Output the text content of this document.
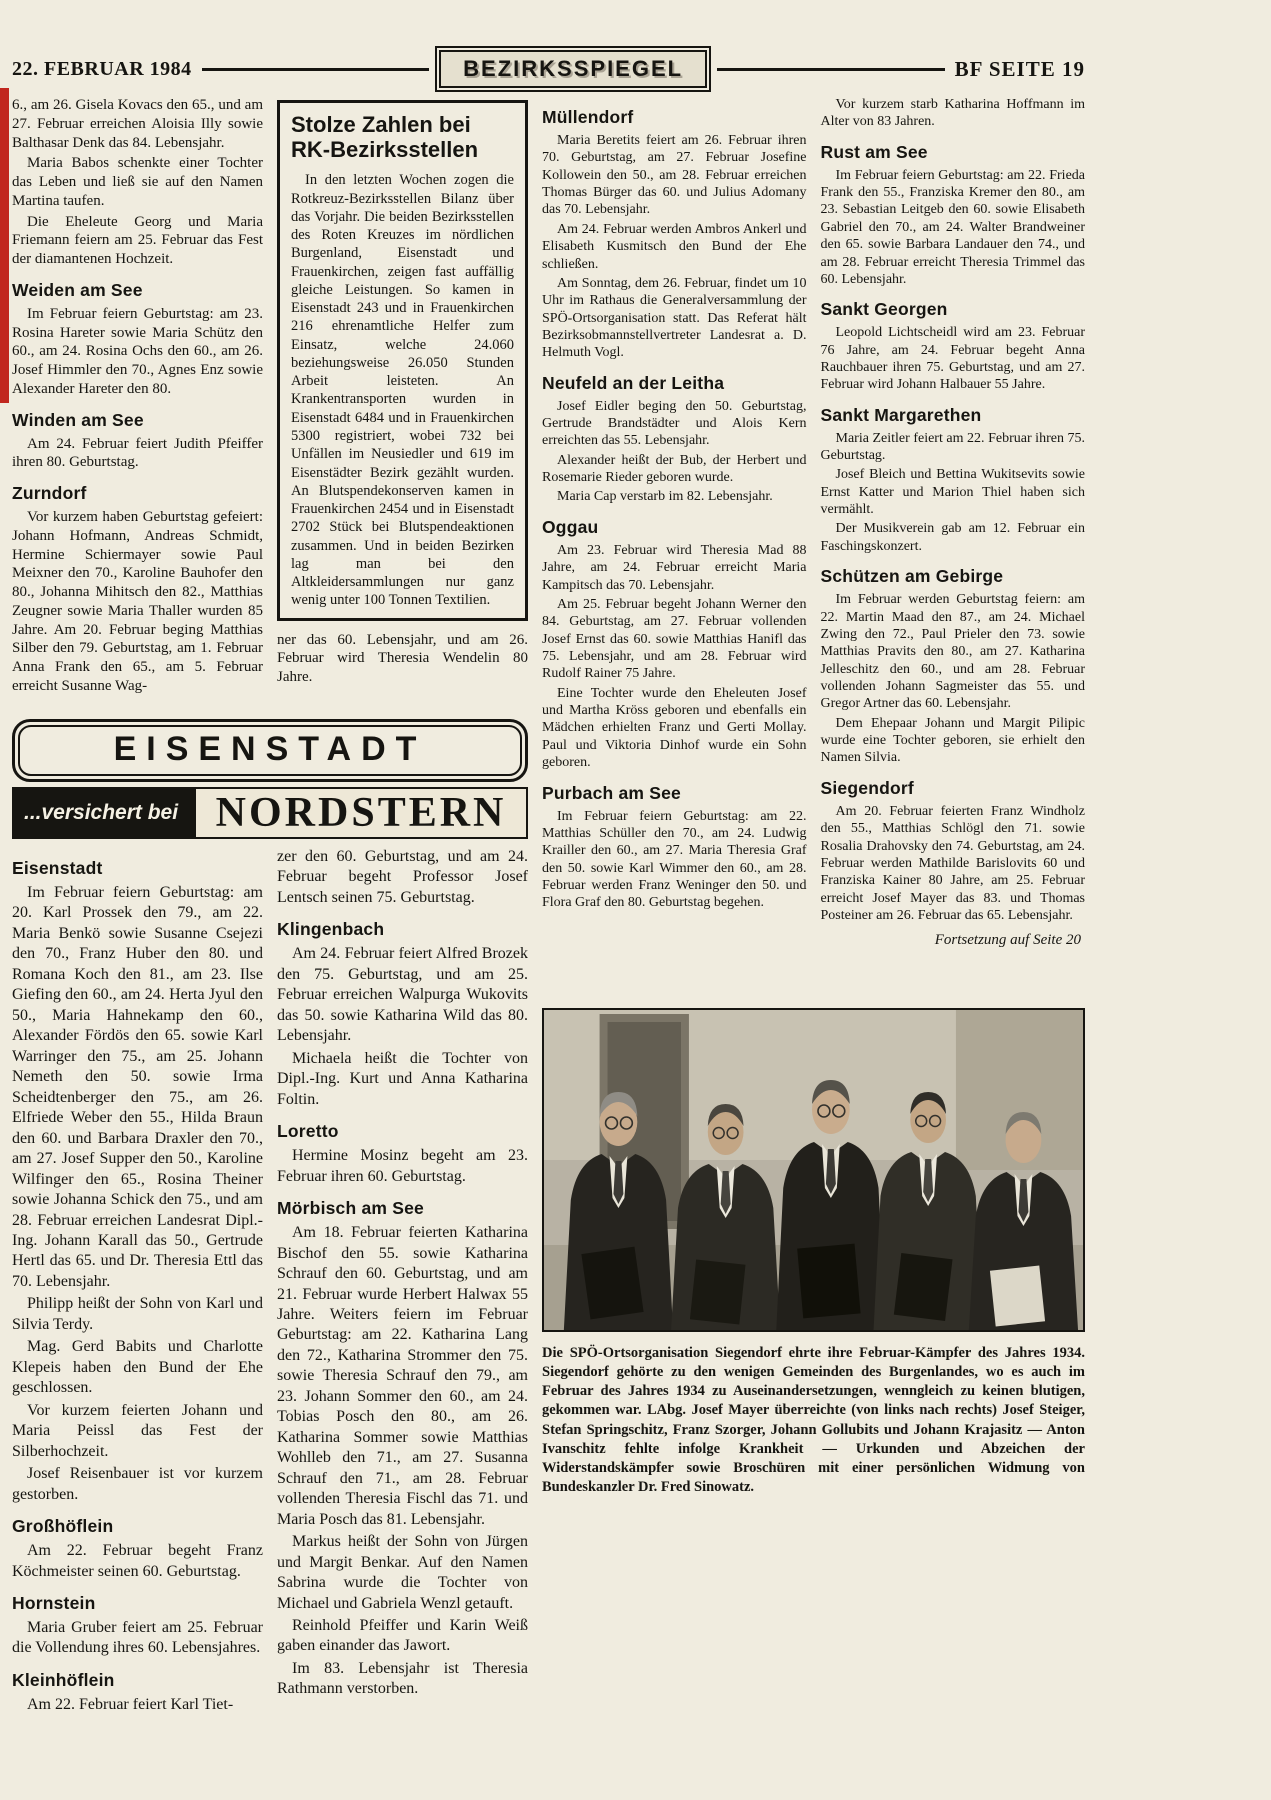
22. FEBRUAR 1984	BEZIRKSSPIEGEL	BF SEITE 19

6., am 26. Gisela Kovacs den 65., und am 27. Februar erreichen Aloisia Illy sowie Balthasar Denk das 84. Lebensjahr.

Maria Babos schenkte einer Tochter das Leben und ließ sie auf den Namen Martina taufen.

Die Eheleute Georg und Maria Friemann feiern am 25. Februar das Fest der diamantenen Hochzeit.

Weiden am See

Im Februar feiern Geburtstag: am 23. Rosina Hareter sowie Maria Schütz den 60., am 24. Rosina Ochs den 60., am 26. Josef Himmler den 70., Agnes Enz sowie Alexander Hareter den 80.

Winden am See

Am 24. Februar feiert Judith Pfeiffer ihren 80. Geburtstag.

Zurndorf

Vor kurzem haben Geburtstag gefeiert: Johann Hofmann, Andreas Schmidt, Hermine Schiermayer sowie Paul Meixner den 70., Karoline Bauhofer den 80., Johanna Mihitsch den 82., Matthias Zeugner sowie Maria Thaller wurden 85 Jahre. Am 20. Februar beging Matthias Silber den 79. Geburtstag, am 1. Februar Anna Frank den 65., am 5. Februar erreicht Susanne Wag-

Stolze Zahlen bei
RK-Bezirksstellen

In den letzten Wochen zogen die Rotkreuz-Bezirksstellen Bilanz über das Vorjahr. Die beiden Bezirksstellen des Roten Kreuzes im nördlichen Burgenland, Eisenstadt und Frauenkirchen, zeigen fast auffällig gleiche Leistungen. So kamen in Eisenstadt 243 und in Frauenkirchen 216 ehrenamtliche Helfer zum Einsatz, welche 24.060 beziehungsweise 26.050 Stunden Arbeit leisteten. An Krankentransporten wurden in Eisenstadt 6484 und in Frauenkirchen 5300 registriert, wobei 732 bei Unfällen im Neusiedler und 619 im Eisenstädter Bezirk gezählt wurden. An Blutspendekonserven kamen in Frauenkirchen 2454 und in Eisenstadt 2702 Stück bei Blutspendeaktionen zusammen. Und in beiden Bezirken lag man bei den Altkleidersammlungen nur ganz wenig unter 100 Tonnen Textilien.

ner das 60. Lebensjahr, und am 26. Februar wird Theresia Wendelin 80 Jahre.

EISENSTADT
...versichert bei NORDSTERN
Eisenstadt

Im Februar feiern Geburtstag: am 20. Karl Prossek den 79., am 22. Maria Benkö sowie Susanne Csejezi den 70., Franz Huber den 80. und Romana Koch den 81., am 23. Ilse Giefing den 60., am 24. Herta Jyul den 50., Maria Hahnekamp den 60., Alexander Fördös den 65. sowie Karl Warringer den 75., am 25. Johann Nemeth den 50. sowie Irma Scheidtenberger den 75., am 26. Elfriede Weber den 55., Hilda Braun den 60. und Barbara Draxler den 70., am 27. Josef Supper den 50., Karoline Wilfinger den 65., Rosina Theiner sowie Johanna Schick den 75., und am 28. Februar erreichen Landesrat Dipl.-Ing. Johann Karall das 50., Gertrude Hertl das 65. und Dr. Theresia Ettl das 70. Lebensjahr.

Philipp heißt der Sohn von Karl und Silvia Terdy.

Mag. Gerd Babits und Charlotte Klepeis haben den Bund der Ehe geschlossen.

Vor kurzem feierten Johann und Maria Peissl das Fest der Silberhochzeit.

Josef Reisenbauer ist vor kurzem gestorben.

Großhöflein

Am 22. Februar begeht Franz Köchmeister seinen 60. Geburtstag.

Hornstein

Maria Gruber feiert am 25. Februar die Vollendung ihres 60. Lebensjahres.

Kleinhöflein

Am 22. Februar feiert Karl Tiet-

zer den 60. Geburtstag, und am 24. Februar begeht Professor Josef Lentsch seinen 75. Geburtstag.

Klingenbach

Am 24. Februar feiert Alfred Brozek den 75. Geburtstag, und am 25. Februar erreichen Walpurga Wukovits das 50. sowie Katharina Wild das 80. Lebensjahr.

Michaela heißt die Tochter von Dipl.-Ing. Kurt und Anna Katharina Foltin.

Loretto

Hermine Mosinz begeht am 23. Februar ihren 60. Geburtstag.

Mörbisch am See

Am 18. Februar feierten Katharina Bischof den 55. sowie Katharina Schrauf den 60. Geburtstag, und am 21. Februar wurde Herbert Halwax 55 Jahre. Weiters feiern im Februar Geburtstag: am 22. Katharina Lang den 72., Katharina Strommer den 75. sowie Theresia Schrauf den 79., am 23. Johann Sommer den 60., am 24. Tobias Posch den 80., am 26. Katharina Sommer sowie Matthias Wohlleb den 71., am 27. Susanna Schrauf den 71., am 28. Februar vollenden Theresia Fischl das 71. und Maria Posch das 81. Lebensjahr.

Markus heißt der Sohn von Jürgen und Margit Benkar. Auf den Namen Sabrina wurde die Tochter von Michael und Gabriela Wenzl getauft.

Reinhold Pfeiffer und Karin Weiß gaben einander das Jawort.

Im 83. Lebensjahr ist Theresia Rathmann verstorben.

Müllendorf

Maria Beretits feiert am 26. Februar ihren 70. Geburtstag, am 27. Februar Josefine Kollowein den 50., am 28. Februar erreichen Thomas Bürger das 60. und Julius Adomany das 70. Lebensjahr.

Am 24. Februar werden Ambros Ankerl und Elisabeth Kusmitsch den Bund der Ehe schließen.

Am Sonntag, dem 26. Februar, findet um 10 Uhr im Rathaus die Generalversammlung der SPÖ-Ortsorganisation statt. Das Referat hält Bezirksobmannstellvertreter Landesrat a. D. Helmuth Vogl.

Neufeld an der Leitha

Josef Eidler beging den 50. Geburtstag, Gertrude Brandstädter und Alois Kern erreichten das 55. Lebensjahr.

Alexander heißt der Bub, der Herbert und Rosemarie Rieder geboren wurde.

Maria Cap verstarb im 82. Lebensjahr.

Oggau

Am 23. Februar wird Theresia Mad 88 Jahre, am 24. Februar erreicht Maria Kampitsch das 70. Lebensjahr.

Am 25. Februar begeht Johann Werner den 84. Geburtstag, am 27. Februar vollenden Josef Ernst das 60. sowie Matthias Hanifl das 75. Lebensjahr, und am 28. Februar wird Rudolf Rainer 75 Jahre.

Eine Tochter wurde den Eheleuten Josef und Martha Kröss geboren und ebenfalls ein Mädchen erhielten Franz und Gerti Mollay. Paul und Viktoria Dinhof wurde ein Sohn geboren.

Purbach am See

Im Februar feiern Geburtstag: am 22. Matthias Schüller den 70., am 24. Ludwig Krailler den 60., am 27. Maria Theresia Graf den 50. sowie Karl Wimmer den 60., am 28. Februar werden Franz Weninger den 50. und Flora Graf den 80. Geburtstag begehen.

Vor kurzem starb Katharina Hoffmann im Alter von 83 Jahren.

Rust am See

Im Februar feiern Geburtstag: am 22. Frieda Frank den 55., Franziska Kremer den 80., am 23. Sebastian Leitgeb den 60. sowie Elisabeth Gabriel den 70., am 24. Walter Brandweiner den 65. sowie Barbara Landauer den 74., und am 28. Februar erreicht Theresia Trimmel das 60. Lebensjahr.

Sankt Georgen

Leopold Lichtscheidl wird am 23. Februar 76 Jahre, am 24. Februar begeht Anna Rauchbauer ihren 75. Geburtstag, und am 27. Februar wird Johann Halbauer 55 Jahre.

Sankt Margarethen

Maria Zeitler feiert am 22. Februar ihren 75. Geburtstag.

Josef Bleich und Bettina Wukitsevits sowie Ernst Katter und Marion Thiel haben sich vermählt.

Der Musikverein gab am 12. Februar ein Faschingskonzert.

Schützen am Gebirge

Im Februar werden Geburtstag feiern: am 22. Martin Maad den 87., am 24. Michael Zwing den 72., Paul Prieler den 73. sowie Matthias Pravits den 80., am 27. Katharina Jelleschitz den 60., und am 28. Februar vollenden Johann Sagmeister das 55. und Gregor Artner das 60. Lebensjahr.

Dem Ehepaar Johann und Margit Pilipic wurde eine Tochter geboren, sie erhielt den Namen Silvia.

Siegendorf

Am 20. Februar feierten Franz Windholz den 55., Matthias Schlögl den 71. sowie Rosalia Drahovsky den 74. Geburtstag, am 24. Februar werden Mathilde Barislovits 60 und Franziska Kainer 80 Jahre, am 25. Februar erreicht Josef Mayer das 83. und Thomas Posteiner am 26. Februar das 65. Lebensjahr.

Fortsetzung auf Seite 20

Die SPÖ-Ortsorganisation Siegendorf ehrte ihre Februar-Kämpfer des Jahres 1934. Siegendorf gehörte zu den wenigen Gemeinden des Burgenlandes, wo es auch im Februar des Jahres 1934 zu Auseinandersetzungen, wenngleich zu keinen blutigen, gekommen war. LAbg. Josef Mayer überreichte (von links nach rechts) Josef Steiger, Stefan Springschitz, Franz Szorger, Johann Gollubits und Johann Krajasitz — Anton Ivanschitz fehlte infolge Krankheit — Urkunden und Abzeichen der Widerstandskämpfer sowie Broschüren mit einer persönlichen Widmung von Bundeskanzler Dr. Fred Sinowatz.
